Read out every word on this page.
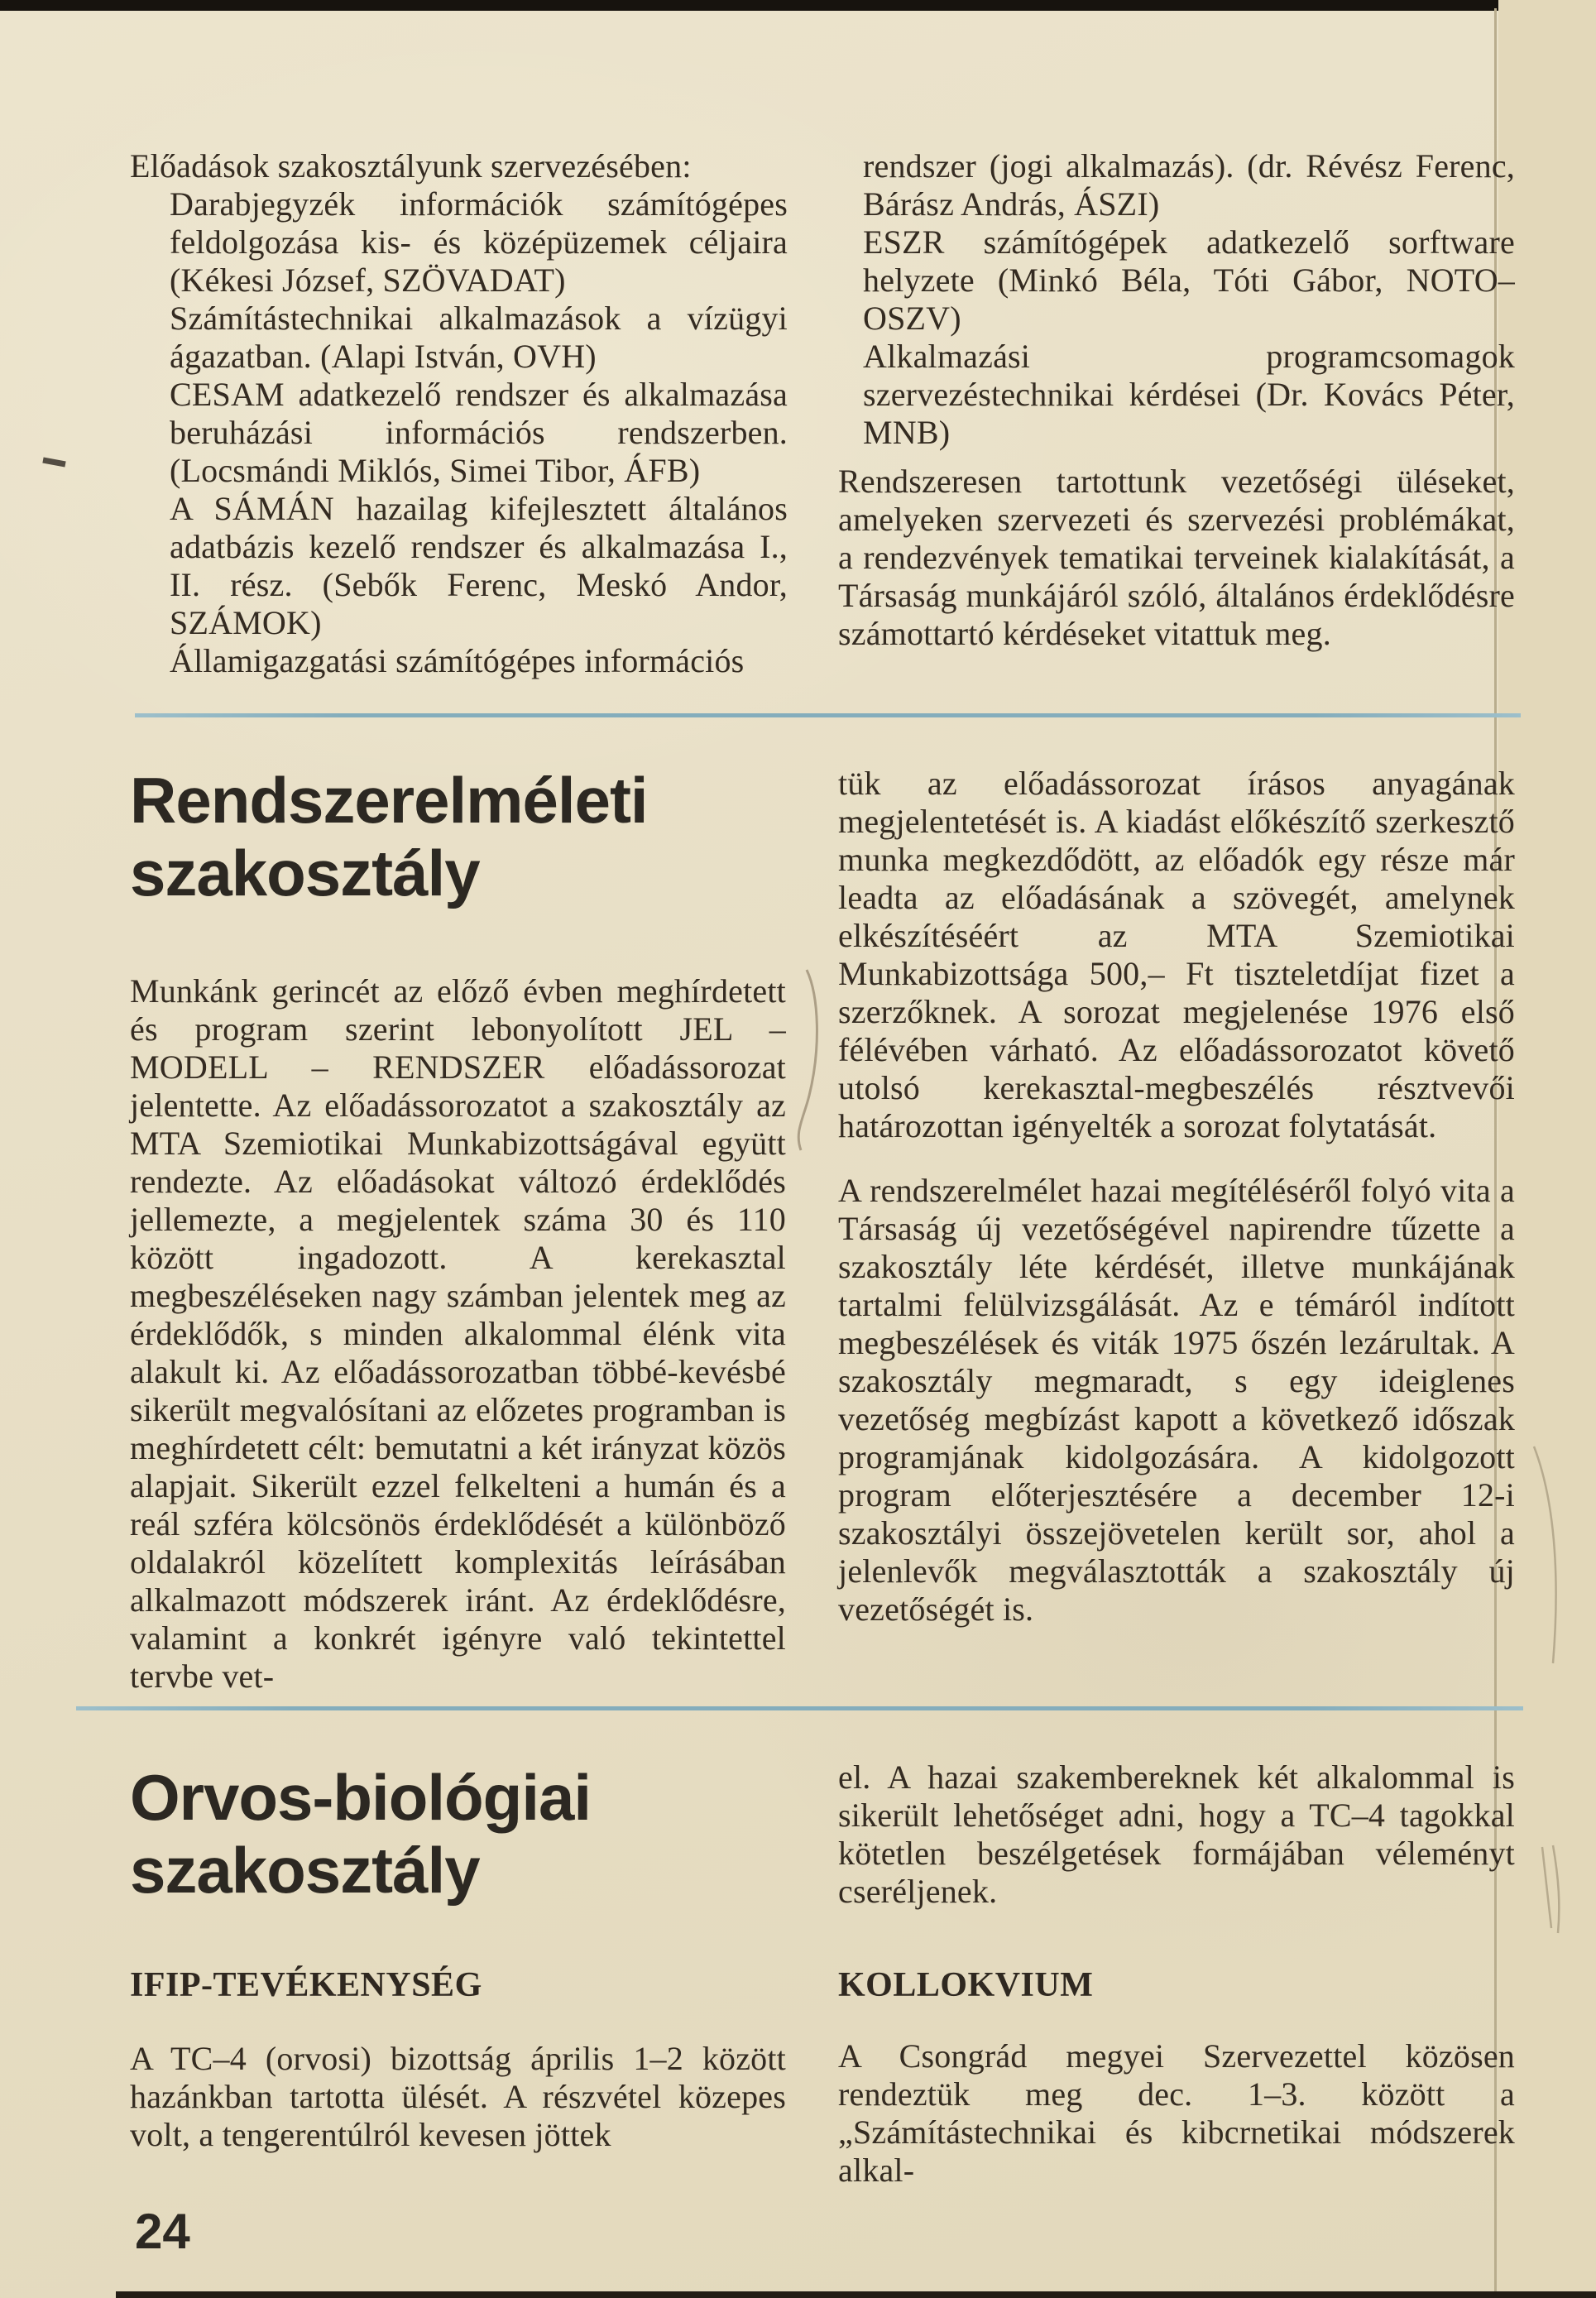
Előadások szakosztályunk szervezésében:

Darabjegyzék információk számítógépes feldolgozása kis- és középüzemek céljaira (Kékesi József, SZÖVADAT)

Számítástechnikai alkalmazások a vízügyi ágazatban. (Alapi István, OVH)

CESAM adatkezelő rendszer és alkalmazása beruházási információs rendszerben. (Locsmándi Miklós, Simei Tibor, ÁFB)

A SÁMÁN hazailag kifejlesztett általános adatbázis kezelő rendszer és alkalmazása I., II. rész. (Sebők Ferenc, Meskó Andor, SZÁMOK)

Államigazgatási számítógépes információs

rendszer (jogi alkalmazás). (dr. Révész Ferenc, Bárász András, ÁSZI)

ESZR számítógépek adatkezelő sorftware helyzete (Minkó Béla, Tóti Gábor, NOTO–OSZV)

Alkalmazási programcsomagok szervezéstechnikai kérdései (Dr. Kovács Péter, MNB)

Rendszeresen tartottunk vezetőségi üléseket, amelyeken szervezeti és szervezési problémákat, a rendezvények tematikai terveinek kialakítását, a Társaság munkájáról szóló, általános érdeklődésre számottartó kérdéseket vitattuk meg.

Rendszerelméleti szakosztály

Munkánk gerincét az előző évben meghírdetett és program szerint lebonyolított JEL – MODELL – RENDSZER előadássorozat jelentette. Az előadássorozatot a szakosztály az MTA Szemiotikai Munkabizottságával együtt rendezte. Az előadásokat változó érdeklődés jellemezte, a megjelentek száma 30 és 110 között ingadozott. A kerekasztal megbeszéléseken nagy számban jelentek meg az érdeklődők, s minden alkalommal élénk vita alakult ki. Az előadássorozatban többé-kevésbé sikerült megvalósítani az előzetes programban is meghírdetett célt: bemutatni a két irányzat közös alapjait. Sikerült ezzel felkelteni a humán és a reál szféra kölcsönös érdeklődését a különböző oldalakról közelített komplexitás leírásában alkalmazott módszerek iránt. Az érdeklődésre, valamint a konkrét igényre való tekintettel tervbe vet-

tük az előadássorozat írásos anyagának megjelentetését is. A kiadást előkészítő szerkesztő munka megkezdődött, az előadók egy része már leadta az előadásának a szövegét, amelynek elkészítéséért az MTA Szemiotikai Munkabizottsága 500,– Ft tiszteletdíjat fizet a szerzőknek. A sorozat megjelenése 1976 első félévében várható. Az előadássorozatot követő utolsó kerekasztal-megbeszélés résztvevői határozottan igényelték a sorozat folytatását.

A rendszerelmélet hazai megítéléséről folyó vita a Társaság új vezetőségével napirendre tűzette a szakosztály léte kérdését, illetve munkájának tartalmi felülvizsgálását. Az e témáról indított megbeszélések és viták 1975 őszén lezárultak. A szakosztály megmaradt, s egy ideiglenes vezetőség megbízást kapott a következő időszak programjának kidolgozására. A kidolgozott program előterjesztésére a december 12-i szakosztályi összejövetelen került sor, ahol a jelenlevők megválasztották a szakosztály új vezetőségét is.

Orvos-biológiai szakosztály
IFIP-TEVÉKENYSÉG

A TC–4 (orvosi) bizottság április 1–2 között hazánkban tartotta ülését. A részvétel közepes volt, a tengerentúlról kevesen jöttek

el. A hazai szakembereknek két alkalommal is sikerült lehetőséget adni, hogy a TC–4 tagokkal kötetlen beszélgetések formájában véleményt cseréljenek.

KOLLOKVIUM

A Csongrád megyei Szervezettel közösen rendeztük meg dec. 1–3. között a „Számítástechnikai és kibcrnetikai módszerek alkal-

24
